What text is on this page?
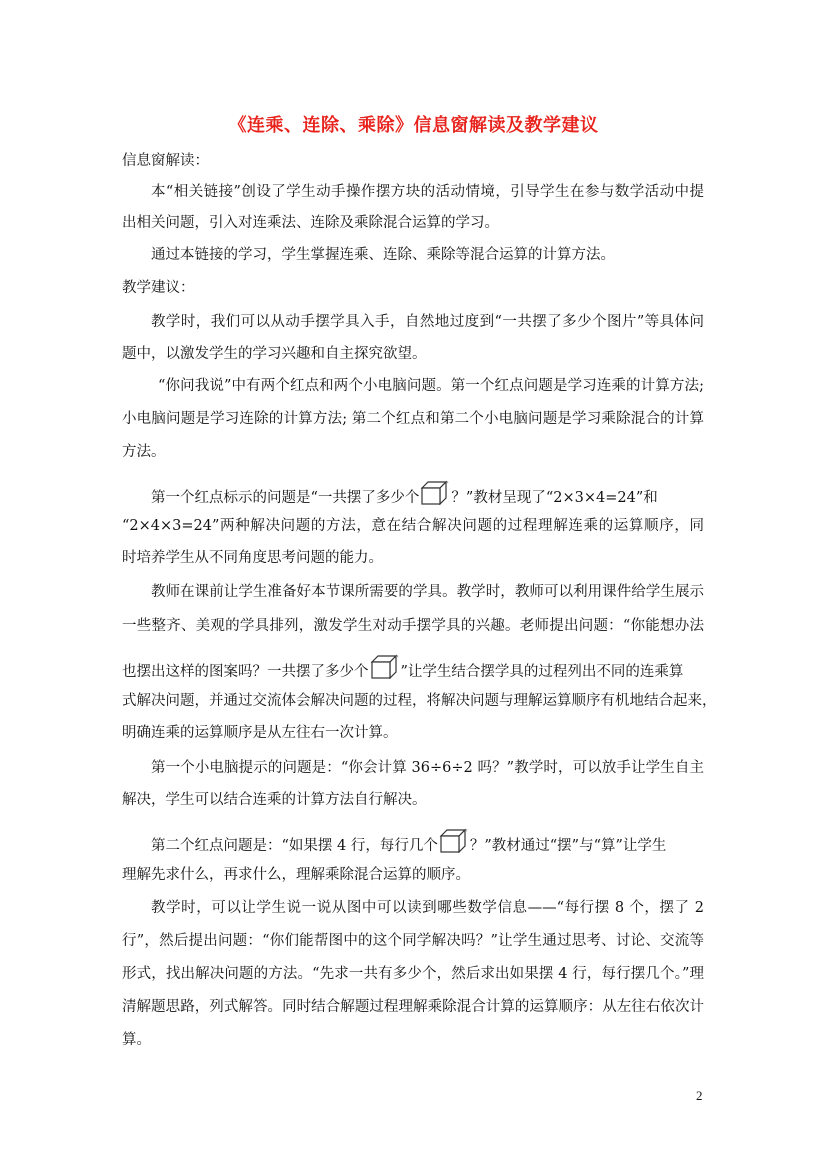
《连乘、连除、乘除》信息窗解读及教学建议
信息窗解读：
本“相关链接”创设了学生动手操作摆方块的活动情境，引导学生在参与数学活动中提
出相关问题，引入对连乘法、连除及乘除混合运算的学习。
通过本链接的学习，学生掌握连乘、连除、乘除等混合运算的计算方法。
教学建议：
教学时，我们可以从动手摆学具入手，自然地过度到“一共摆了多少个图片”等具体问
题中，以激发学生的学习兴趣和自主探究欲望。
“你问我说”中有两个红点和两个小电脑问题。第一个红点问题是学习连乘的计算方法;
小电脑问题是学习连除的计算方法; 第二个红点和第二个小电脑问题是学习乘除混合的计算
方法。
第一个红点标示的问题是“一共摆了多少个
'
？”教材呈现了“2×3×4=24”和
“2×4×3=24”两种解决问题的方法，意在结合解决问题的过程理解连乘的运算顺序，同
时培养学生从不同角度思考问题的能力。
教师在课前让学生准备好本节课所需要的学具。教学时，教师可以利用课件给学生展示
一些整齐、美观的学具排列，激发学生对动手摆学具的兴趣。老师提出问题：“你能想办法
也摆出这样的图案吗？一共摆了多少个
'
”让学生结合摆学具的过程列出不同的连乘算
式解决问题，并通过交流体会解决问题的过程，将解决问题与理解运算顺序有机地结合起来，
明确连乘的运算顺序是从左往右一次计算。
第一个小电脑提示的问题是：“你会计算 36÷6÷2 吗？”教学时，可以放手让学生自主
解决，学生可以结合连乘的计算方法自行解决。
第二个红点问题是：“如果摆 4 行，每行几个
'
？”教材通过“摆”与“算”让学生
理解先求什么，再求什么，理解乘除混合运算的顺序。
教学时，可以让学生说一说从图中可以读到哪些数学信息——“每行摆 8 个，摆了 2
行”，然后提出问题：“你们能帮图中的这个同学解决吗？”让学生通过思考、讨论、交流等
形式，找出解决问题的方法。“先求一共有多少个，然后求出如果摆 4 行，每行摆几个。”理
清解题思路，列式解答。同时结合解题过程理解乘除混合计算的运算顺序：从左往右依次计
算。
2
